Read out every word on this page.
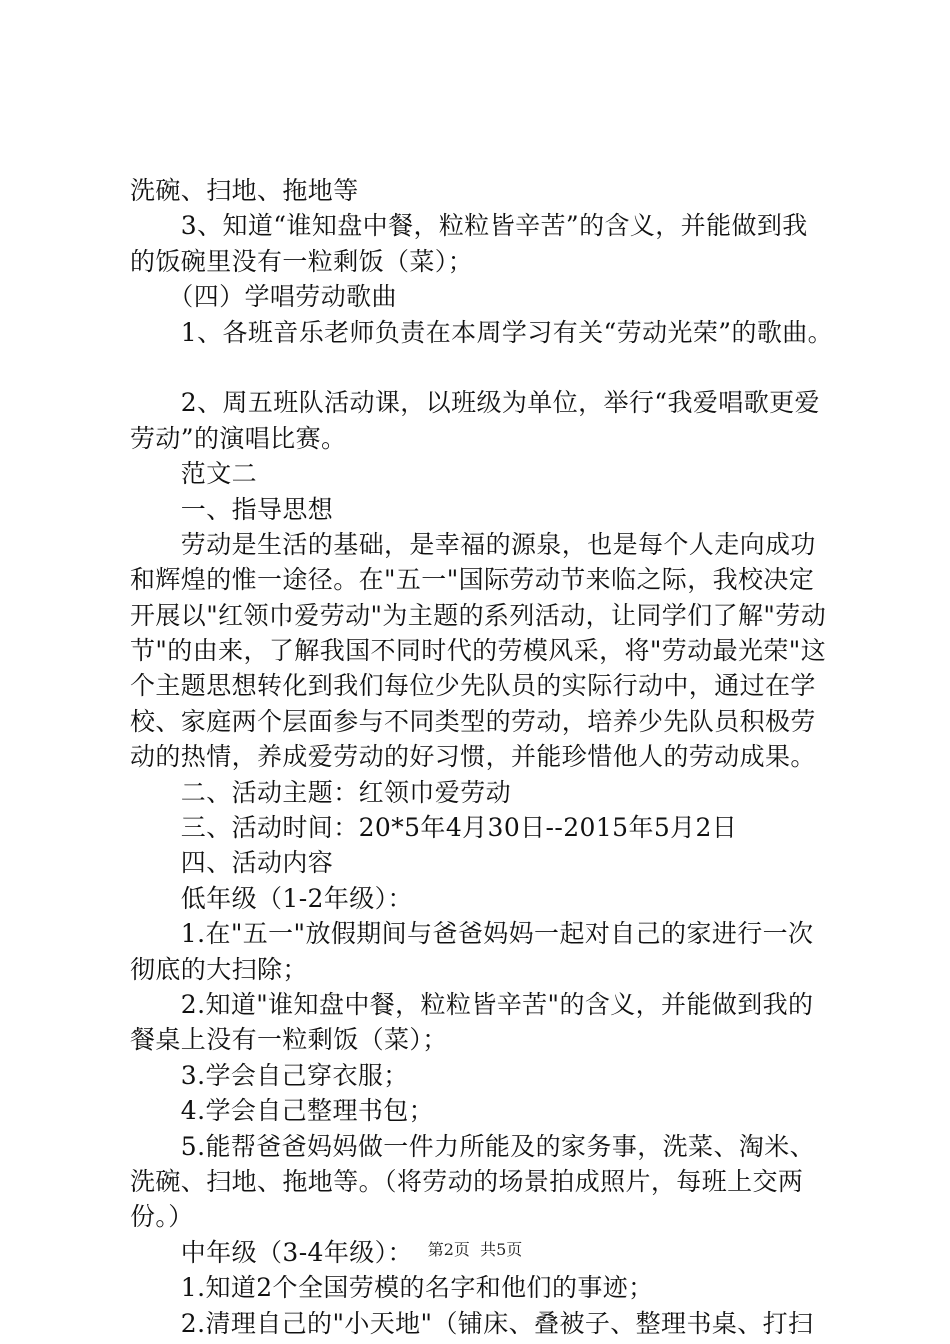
洗碗、扫地、拖地等
　　3、知道“谁知盘中餐，粒粒皆辛苦”的含义，并能做到我
的饭碗里没有一粒剩饭（菜）；
　　（四）学唱劳动歌曲
　　1、各班音乐老师负责在本周学习有关“劳动光荣”的歌曲。
　　2、周五班队活动课，以班级为单位，举行“我爱唱歌更爱
劳动”的演唱比赛。
　　范文二
　　一、指导思想
　　劳动是生活的基础，是幸福的源泉，也是每个人走向成功
和辉煌的惟一途径。在"五一"国际劳动节来临之际，我校决定
开展以"红领巾爱劳动"为主题的系列活动，让同学们了解"劳动
节"的由来，了解我国不同时代的劳模风采，将"劳动最光荣"这
个主题思想转化到我们每位少先队员的实际行动中，通过在学
校、家庭两个层面参与不同类型的劳动，培养少先队员积极劳
动的热情，养成爱劳动的好习惯，并能珍惜他人的劳动成果。
　　二、活动主题：红领巾爱劳动
　　三、活动时间：20*5年4月30日--2015年5月2日
　　四、活动内容
　　低年级（1-2年级）：
　　1.在"五一"放假期间与爸爸妈妈一起对自己的家进行一次
彻底的大扫除；
　　2.知道"谁知盘中餐，粒粒皆辛苦"的含义，并能做到我的
餐桌上没有一粒剩饭（菜）；
　　3.学会自己穿衣服；
　　4.学会自己整理书包；
　　5.能帮爸爸妈妈做一件力所能及的家务事，洗菜、淘米、
洗碗、扫地、拖地等。（将劳动的场景拍成照片，每班上交两
份。）
　　中年级（3-4年级）：
　　1.知道2个全国劳模的名字和他们的事迹；
　　2.清理自己的"小天地"（铺床、叠被子、整理书桌、打扫
第2页  共5页
